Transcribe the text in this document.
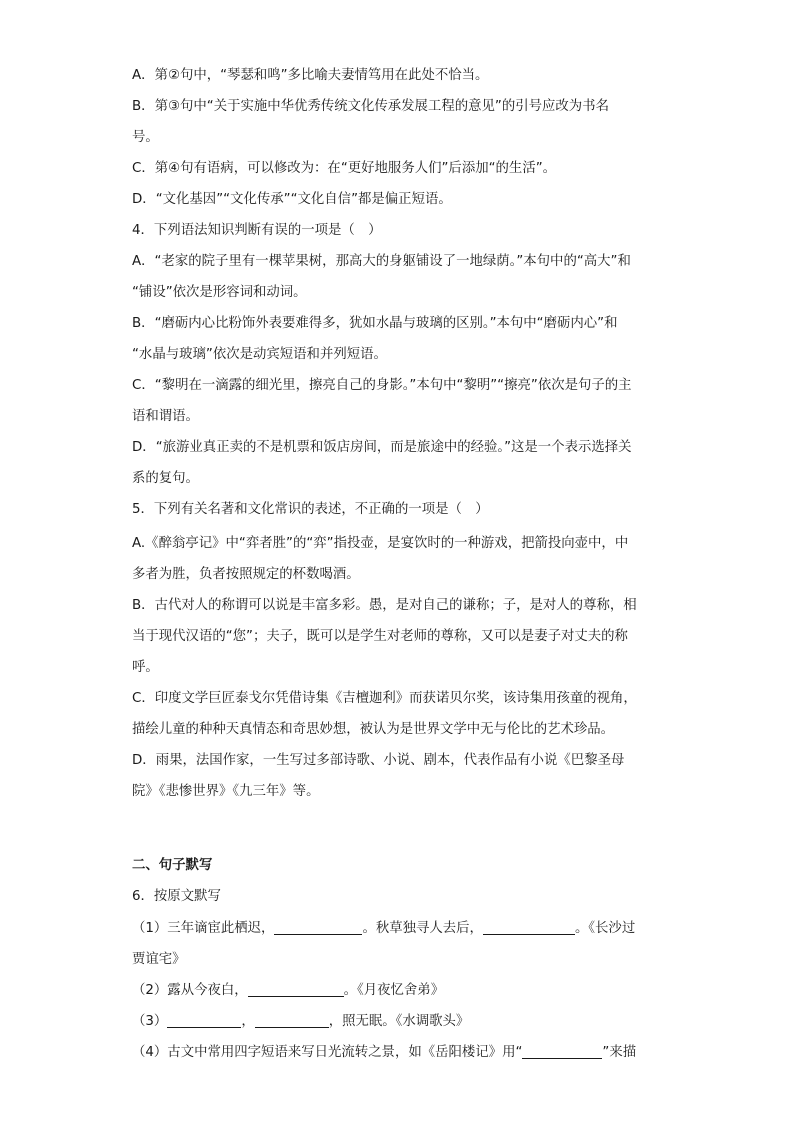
A．第②句中，“琴瑟和鸣”多比喻夫妻情笃用在此处不恰当。
B．第③句中“关于实施中华优秀传统文化传承发展工程的意见”的引号应改为书名
号。
C．第④句有语病，可以修改为：在“更好地服务人们”后添加“的生活”。
D．“文化基因”“文化传承”“文化自信”都是偏正短语。
4．下列语法知识判断有误的一项是（　）
A．“老家的院子里有一棵苹果树，那高大的身躯铺设了一地绿荫。”本句中的“高大”和
“铺设”依次是形容词和动词。
B．“磨砺内心比粉饰外表要难得多，犹如水晶与玻璃的区别。”本句中“磨砺内心”和
“水晶与玻璃”依次是动宾短语和并列短语。
C．“黎明在一滴露的细光里，擦亮自己的身影。”本句中“黎明”“擦亮”依次是句子的主
语和谓语。
D．“旅游业真正卖的不是机票和饭店房间，而是旅途中的经验。”这是一个表示选择关
系的复句。
5．下列有关名著和文化常识的表述，不正确的一项是（　）
A.《醉翁亭记》中“弈者胜”的“弈”指投壶，是宴饮时的一种游戏，把箭投向壶中，中
多者为胜，负者按照规定的杯数喝酒。
B．古代对人的称谓可以说是丰富多彩。愚，是对自己的谦称；子，是对人的尊称，相
当于现代汉语的“您”；夫子，既可以是学生对老师的尊称，又可以是妻子对丈夫的称
呼。
C．印度文学巨匠泰戈尔凭借诗集《吉檀迦利》而获诺贝尔奖，该诗集用孩童的视角，
描绘儿童的种种天真情态和奇思妙想，被认为是世界文学中无与伦比的艺术珍品。
D．雨果，法国作家，一生写过多部诗歌、小说、剧本，代表作品有小说《巴黎圣母
院》《悲惨世界》《九三年》等。
二、句子默写
6．按原文默写
（1）三年谪宦此栖迟，	。秋草独寻人去后，	。《长沙过
贾谊宅》
（2）露从今夜白，	。《月夜忆舍弟》
（3）	，	，照无眠。《水调歌头》
（4）古文中常用四字短语来写日光流转之景，如《岳阳楼记》用“	”来描
